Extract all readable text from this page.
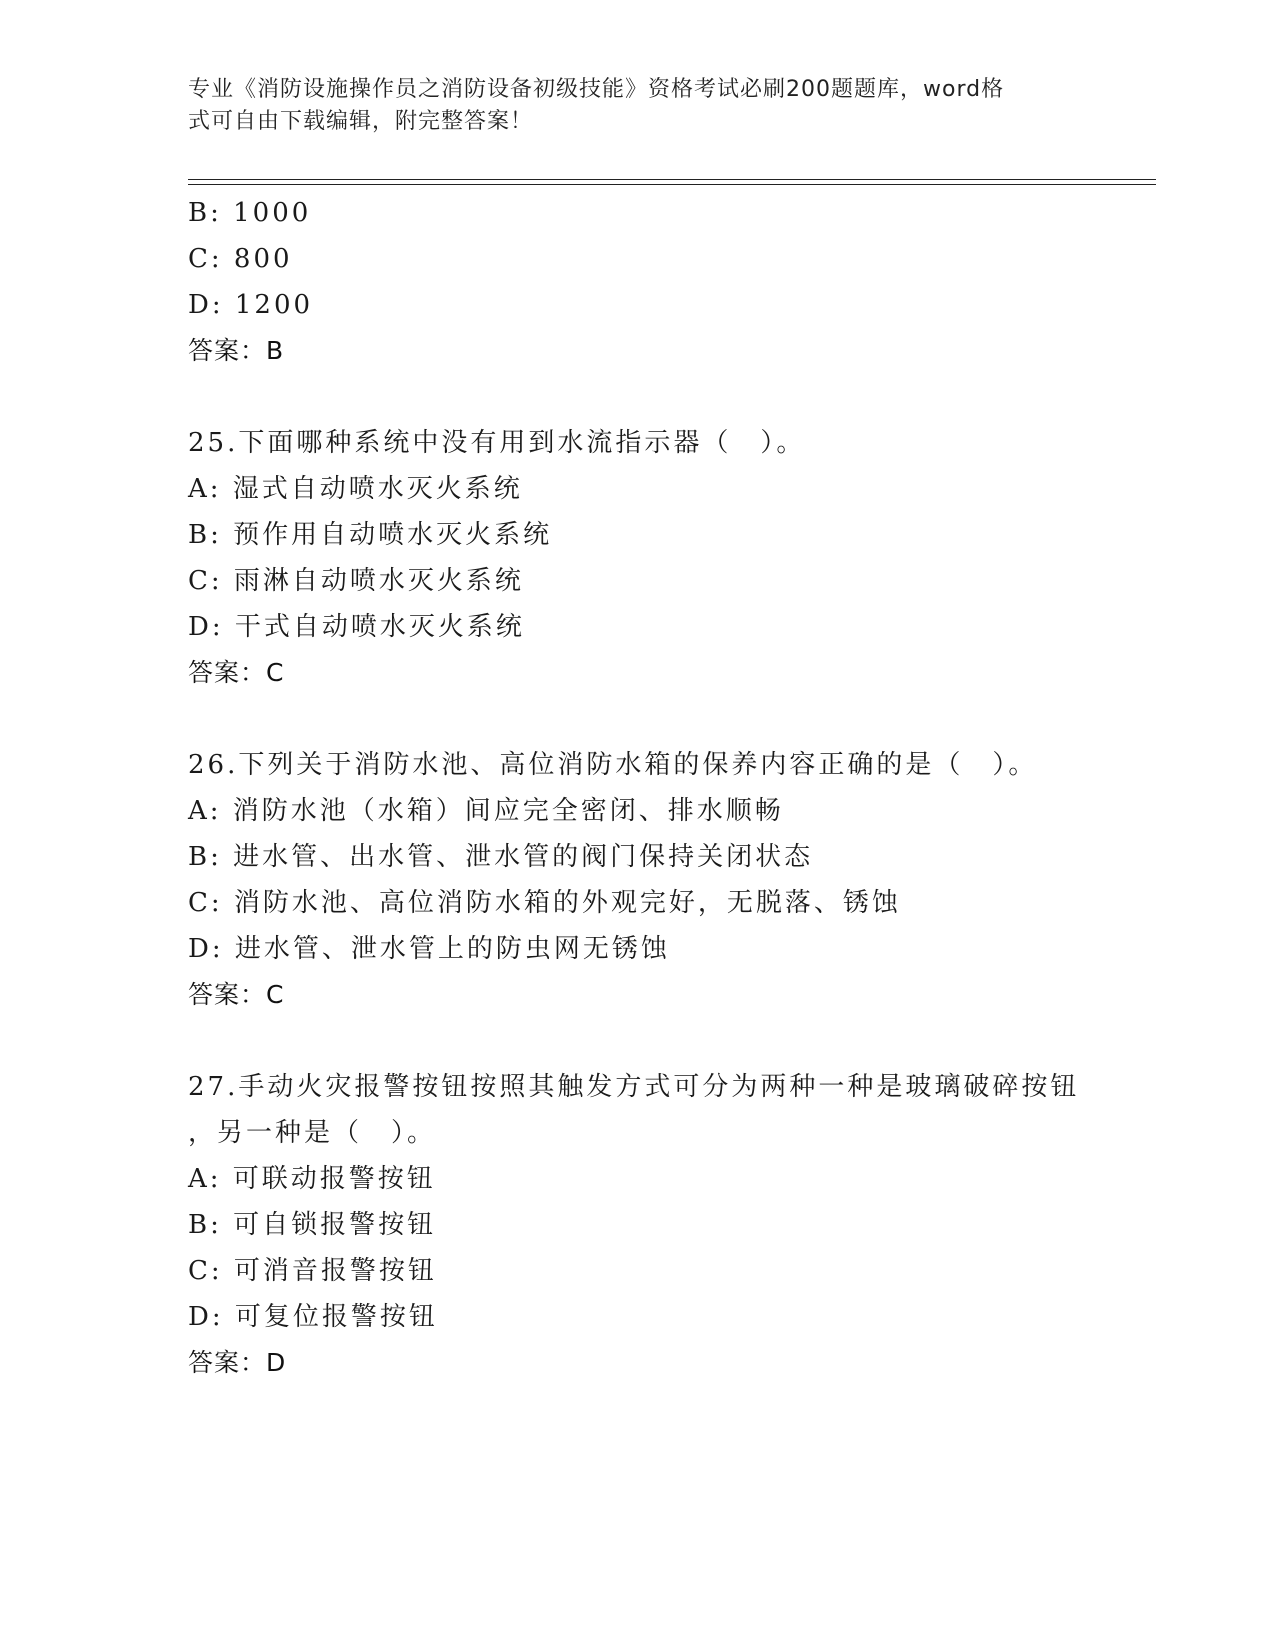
专业《消防设施操作员之消防设备初级技能》资格考试必刷200题题库，word格

式可自由下载编辑，附完整答案！

B: 1000
C: 800
D: 1200
答案：B
25.下面哪种系统中没有用到水流指示器（　）。
A: 湿式自动喷水灭火系统
B: 预作用自动喷水灭火系统
C: 雨淋自动喷水灭火系统
D: 干式自动喷水灭火系统
答案：C
26.下列关于消防水池、高位消防水箱的保养内容正确的是（　）。
A: 消防水池（水箱）间应完全密闭、排水顺畅
B: 进水管、出水管、泄水管的阀门保持关闭状态
C: 消防水池、高位消防水箱的外观完好，无脱落、锈蚀
D: 进水管、泄水管上的防虫网无锈蚀
答案：C
27.手动火灾报警按钮按照其触发方式可分为两种一种是玻璃破碎按钮
，另一种是（　）。
A: 可联动报警按钮
B: 可自锁报警按钮
C: 可消音报警按钮
D: 可复位报警按钮
答案：D
